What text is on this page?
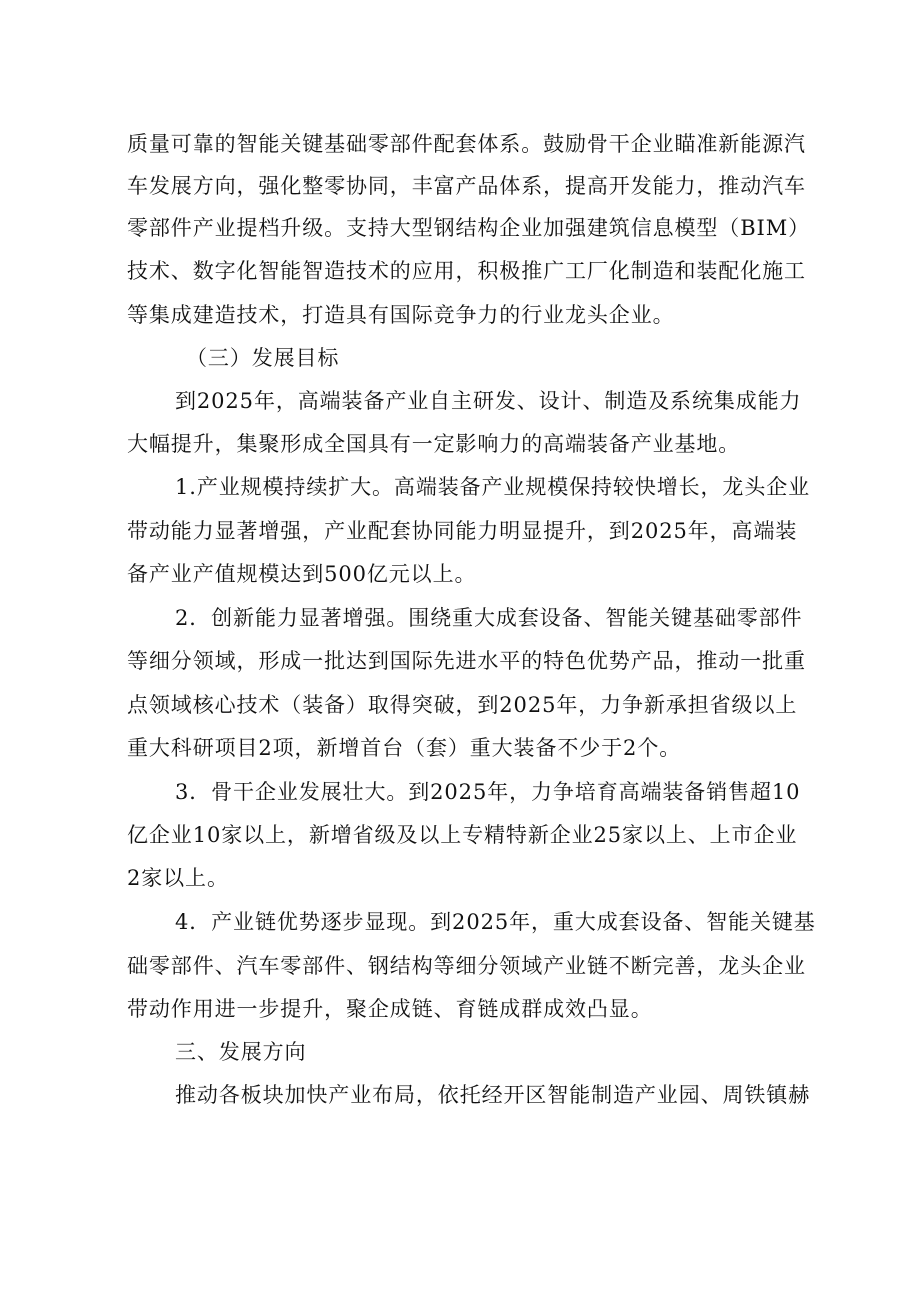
质量可靠的智能关键基础零部件配套体系。鼓励骨干企业瞄准新能源汽
车发展方向，强化整零协同，丰富产品体系，提高开发能力，推动汽车
零部件产业提档升级。支持大型钢结构企业加强建筑信息模型（BIM）
技术、数字化智能智造技术的应用，积极推广工厂化制造和装配化施工
等集成建造技术，打造具有国际竞争力的行业龙头企业。
（三）发展目标
到2025年，高端装备产业自主研发、设计、制造及系统集成能力
大幅提升，集聚形成全国具有一定影响力的高端装备产业基地。
1.产业规模持续扩大。高端装备产业规模保持较快增长，龙头企业
带动能力显著增强，产业配套协同能力明显提升，到2025年，高端装
备产业产值规模达到500亿元以上。
2．创新能力显著增强。围绕重大成套设备、智能关键基础零部件
等细分领域，形成一批达到国际先进水平的特色优势产品，推动一批重
点领域核心技术（装备）取得突破，到2025年，力争新承担省级以上
重大科研项目2项，新增首台（套）重大装备不少于2个。
3．骨干企业发展壮大。到2025年，力争培育高端装备销售超10
亿企业10家以上，新增省级及以上专精特新企业25家以上、上市企业
2家以上。
4．产业链优势逐步显现。到2025年，重大成套设备、智能关键基
础零部件、汽车零部件、钢结构等细分领域产业链不断完善，龙头企业
带动作用进一步提升，聚企成链、育链成群成效凸显。
三、发展方向
推动各板块加快产业布局，依托经开区智能制造产业园、周铁镇赫
